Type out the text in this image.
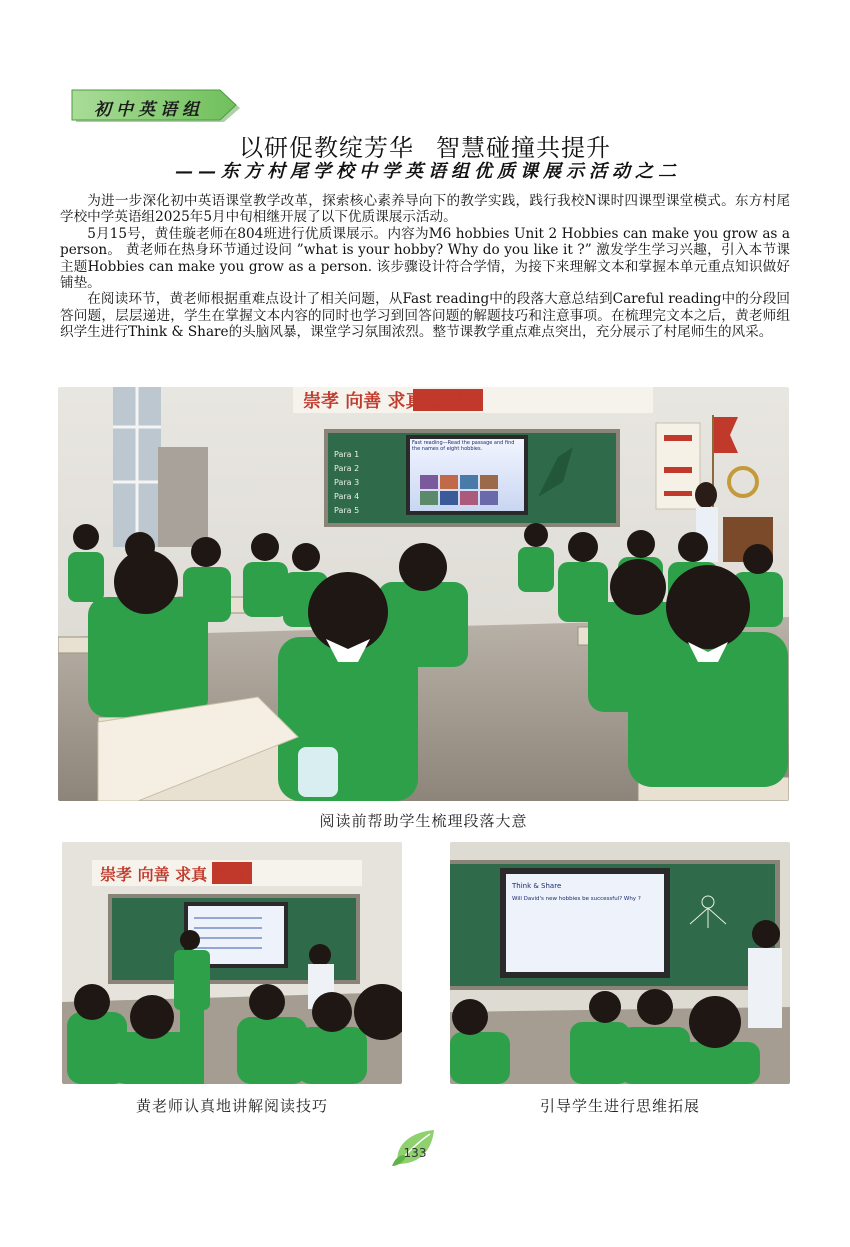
初中英语组
以研促教绽芳华 智慧碰撞共提升
——东方村尾学校中学英语组优质课展示活动之二

为进一步深化初中英语课堂教学改革，探索核心素养导向下的教学实践，践行我校N课时四课型课堂模式。东方村尾学校中学英语组2025年5月中旬相继开展了以下优质课展示活动。

5月15号，黄佳璇老师在804班进行优质课展示。内容为M6 hobbies Unit 2 Hobbies can make you grow as a person。 黄老师在热身环节通过设问 ”what is your hobby? Why do you like it ?” 激发学生学习兴趣，引入本节课主题Hobbies can make you grow as a person. 该步骤设计符合学情，为接下来理解文本和掌握本单元重点知识做好铺垫。

在阅读环节，黄老师根据重难点设计了相关问题，从Fast reading中的段落大意总结到Careful reading中的分段回答问题，层层递进，学生在掌握文本内容的同时也学习到回答问题的解题技巧和注意事项。在梳理完文本之后，黄老师组织学生进行Think & Share的头脑风暴，课堂学习氛围浓烈。整节课教学重点难点突出，充分展示了村尾师生的风采。

崇孝 向善 求真 立美
Para 1
Para 2
Para 3
Para 4
Para 5
Fast reading—Read the passage and find the names of eight hobbies.
阅读前帮助学生梳理段落大意
崇孝 向善 求真 立美
黄老师认真地讲解阅读技巧
Think & Share
Will David's new hobbies be successful? Why ?
引导学生进行思维拓展
133
